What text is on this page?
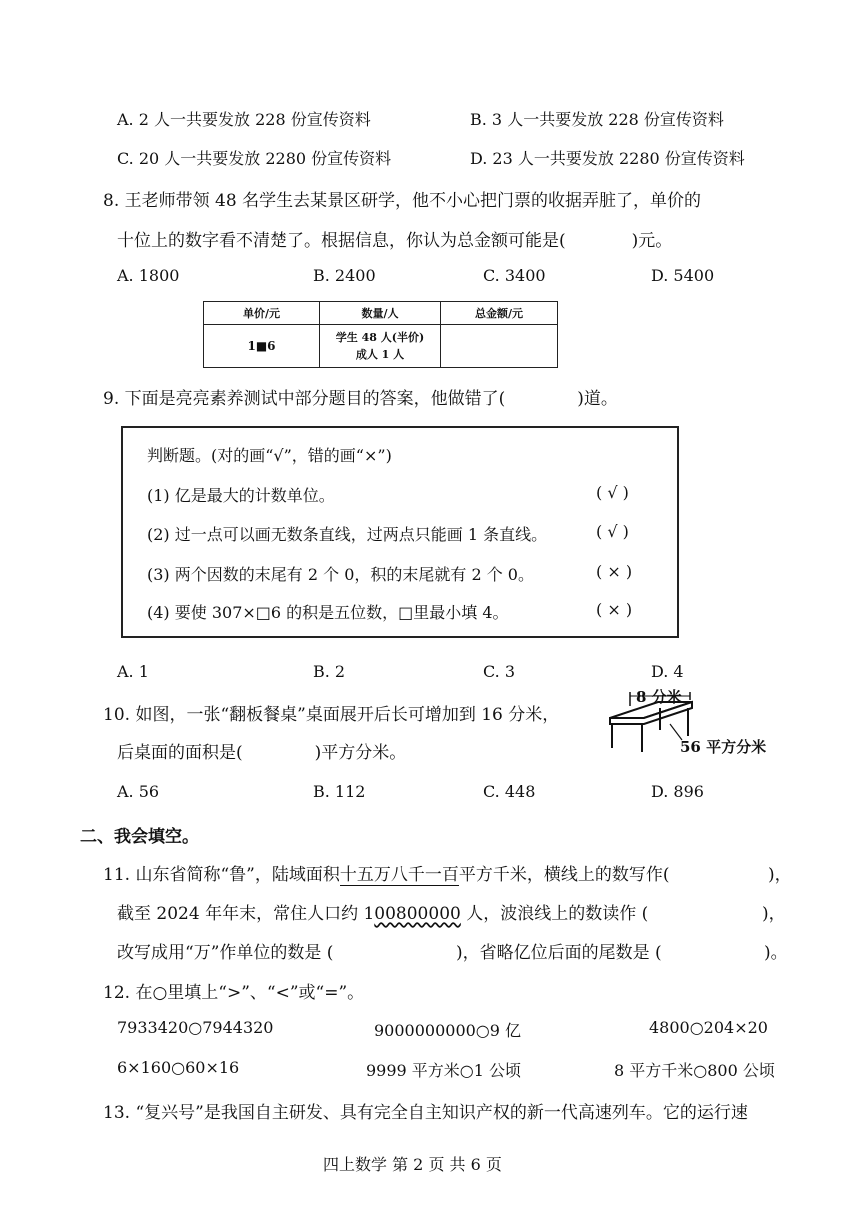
A. 2 人一共要发放 228 份宣传资料	B. 3 人一共要发放 228 份宣传资料
C. 20 人一共要发放 2280 份宣传资料	D. 23 人一共要发放 2280 份宣传资料
8. 王老师带领 48 名学生去某景区研学，他不小心把门票的收据弄脏了，单价的
十位上的数字看不清楚了。根据信息，你认为总金额可能是(	)元。
A. 1800	B. 2400	C. 3400	D. 5400
单价/元	数量/人	总金额/元
1■6	学生 48 人(半价)
成人 1 人	

9. 下面是亮亮素养测试中部分题目的答案，他做错了(	)道。
判断题。(对的画“√”，错的画“×”)
(1) 亿是最大的计数单位。	( √ )
(2) 过一点可以画无数条直线，过两点只能画 1 条直线。	( √ )
(3) 两个因数的末尾有 2 个 0，积的末尾就有 2 个 0。	( × )
(4) 要使 307×□6 的积是五位数，□里最小填 4。	( × )
A. 1	B. 2	C. 3	D. 4
10. 如图，一张“翻板餐桌”桌面展开后长可增加到 16 分米，
后桌面的面积是(	)平方分米。
8 分米
56 平方分米
A. 56	B. 112	C. 448	D. 896
二、我会填空。
11. 山东省简称“鲁”，陆域面积十五万八千一百平方千米，横线上的数写作(	)，
截至 2024 年年末，常住人口约 100800000 人，波浪线上的数读作 (	)，
改写成用“万”作单位的数是 (	)，省略亿位后面的尾数是 (	)。
12. 在○里填上“>”、“<”或“=”。
7933420○7944320	9000000000○9 亿	4800○204×20
6×160○60×16	9999 平方米○1 公顷	8 平方千米○800 公顷
13. “复兴号”是我国自主研发、具有完全自主知识产权的新一代高速列车。它的运行速
四上数学 第 2 页 共 6 页
